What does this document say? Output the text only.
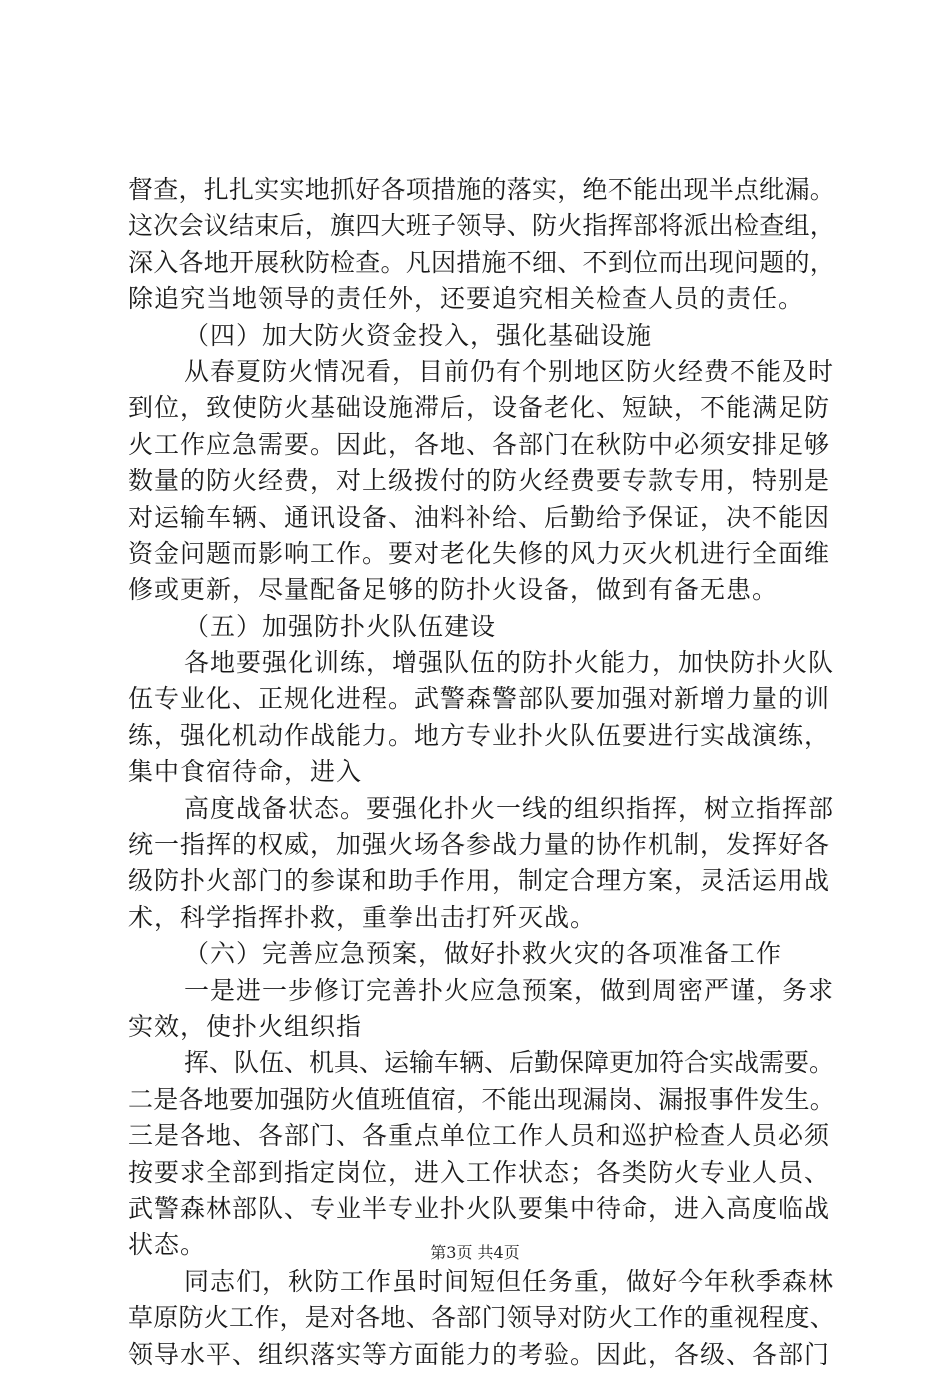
督查，扎扎实实地抓好各项措施的落实，绝不能出现半点纰漏。
这次会议结束后，旗四大班子领导、防火指挥部将派出检查组，
深入各地开展秋防检查。凡因措施不细、不到位而出现问题的，
除追究当地领导的责任外，还要追究相关检查人员的责任。
（四）加大防火资金投入，强化基础设施
从春夏防火情况看，目前仍有个别地区防火经费不能及时
到位，致使防火基础设施滞后，设备老化、短缺，不能满足防
火工作应急需要。因此，各地、各部门在秋防中必须安排足够
数量的防火经费，对上级拨付的防火经费要专款专用，特别是
对运输车辆、通讯设备、油料补给、后勤给予保证，决不能因
资金问题而影响工作。要对老化失修的风力灭火机进行全面维
修或更新，尽量配备足够的防扑火设备，做到有备无患。
（五）加强防扑火队伍建设
各地要强化训练，增强队伍的防扑火能力，加快防扑火队
伍专业化、正规化进程。武警森警部队要加强对新增力量的训
练，强化机动作战能力。地方专业扑火队伍要进行实战演练，
集中食宿待命，进入
高度战备状态。要强化扑火一线的组织指挥，树立指挥部
统一指挥的权威，加强火场各参战力量的协作机制，发挥好各
级防扑火部门的参谋和助手作用，制定合理方案，灵活运用战
术，科学指挥扑救，重拳出击打歼灭战。
（六）完善应急预案，做好扑救火灾的各项准备工作
一是进一步修订完善扑火应急预案，做到周密严谨，务求
实效，使扑火组织指
挥、队伍、机具、运输车辆、后勤保障更加符合实战需要。
二是各地要加强防火值班值宿，不能出现漏岗、漏报事件发生。
三是各地、各部门、各重点单位工作人员和巡护检查人员必须
按要求全部到指定岗位，进入工作状态；各类防火专业人员、
武警森林部队、专业半专业扑火队要集中待命，进入高度临战
状态。
同志们，秋防工作虽时间短但任务重，做好今年秋季森林
草原防火工作，是对各地、各部门领导对防火工作的重视程度、
领导水平、组织落实等方面能力的考验。因此，各级、各部门
第3页 共4页
